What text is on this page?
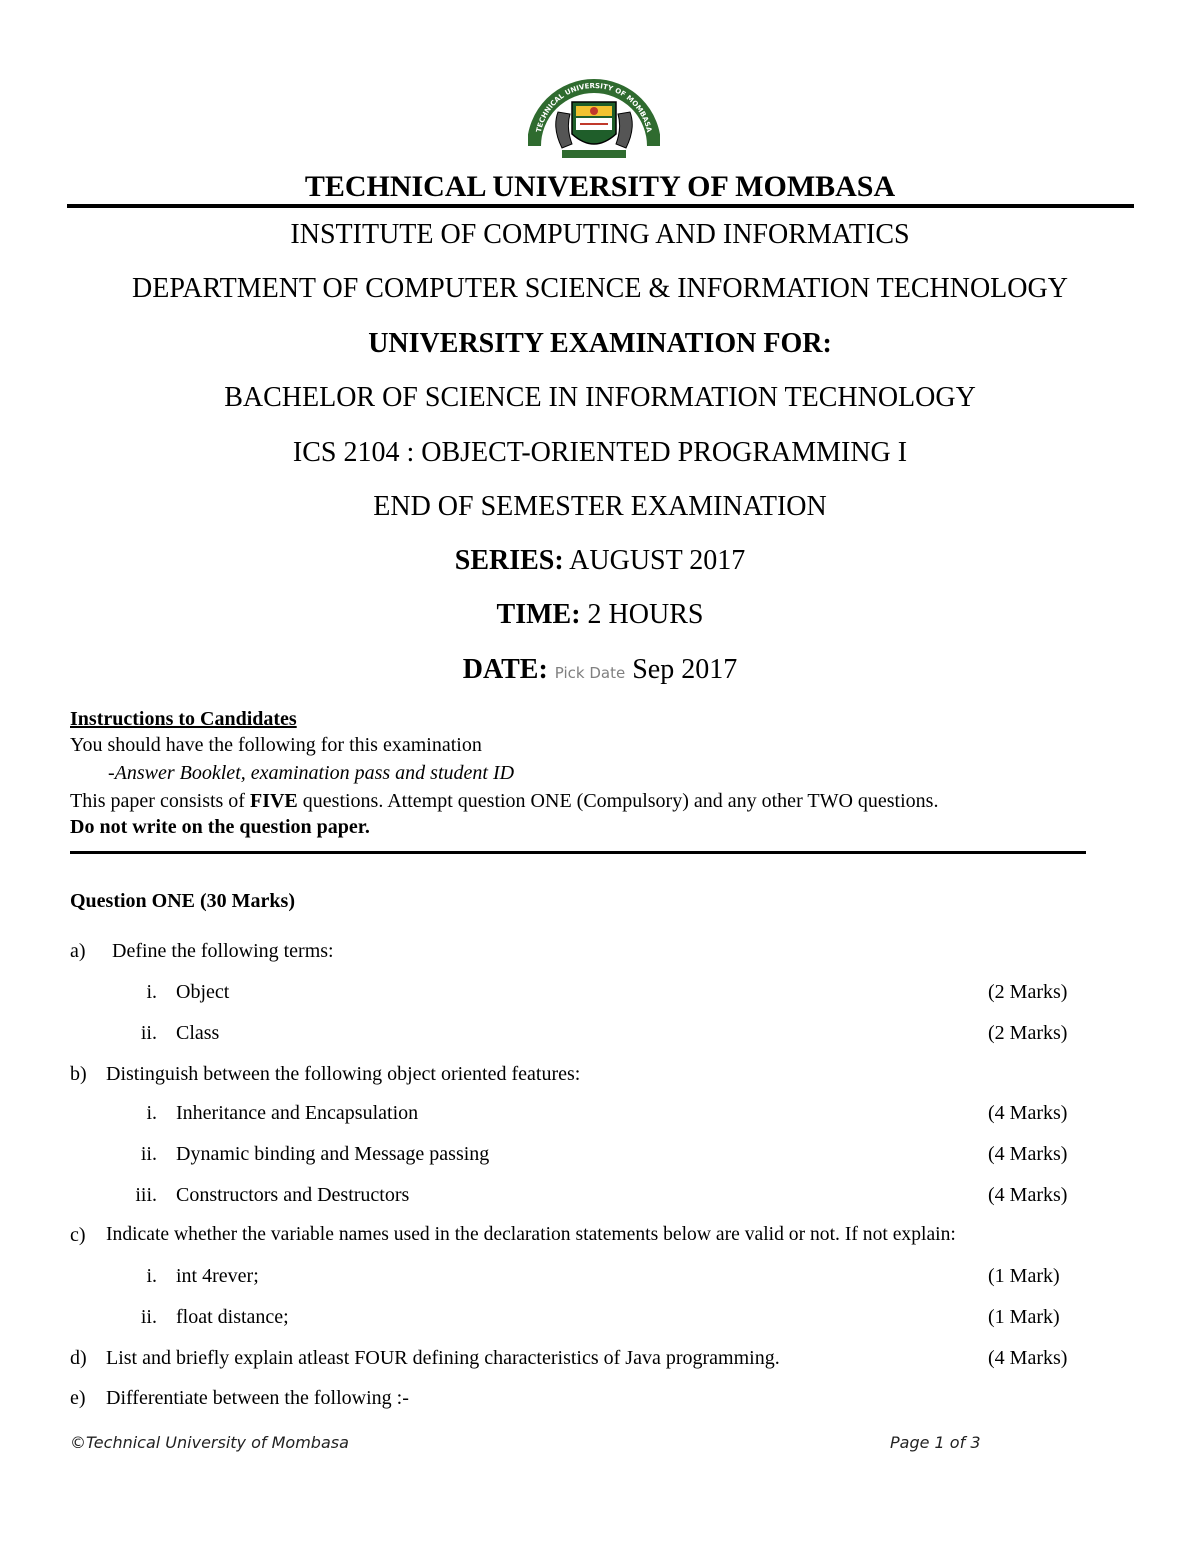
TECHNICAL UNIVERSITY OF MOMBASA
TECHNICAL UNIVERSITY OF MOMBASA
INSTITUTE OF COMPUTING AND INFORMATICS
DEPARTMENT OF COMPUTER SCIENCE & INFORMATION TECHNOLOGY
UNIVERSITY EXAMINATION FOR:
BACHELOR OF SCIENCE IN INFORMATION TECHNOLOGY
ICS 2104 : OBJECT-ORIENTED PROGRAMMING I
END OF SEMESTER EXAMINATION
SERIES: AUGUST 2017
TIME: 2 HOURS
DATE: Pick Date Sep 2017
Instructions to Candidates
You should have the following for this examination
-Answer Booklet, examination pass and student ID
This paper consists of FIVE questions. Attempt question ONE (Compulsory) and any other TWO questions.
Do not write on the question paper.
Question ONE (30 Marks)
a) Define the following terms:
i. Object	(2 Marks)
ii. Class	(2 Marks)
b) Distinguish between the following object oriented features:
i. Inheritance and Encapsulation	(4 Marks)
ii. Dynamic binding and Message passing	(4 Marks)
iii. Constructors and Destructors	(4 Marks)
c) Indicate whether the variable names used in the declaration statements below are valid or not. If not explain:
i. int 4rever;	(1 Mark)
ii. float distance;	(1 Mark)
d) List and briefly explain atleast FOUR defining characteristics of Java programming.	(4 Marks)
e) Differentiate between the following :-
©Technical University of Mombasa	Page 1 of 3
